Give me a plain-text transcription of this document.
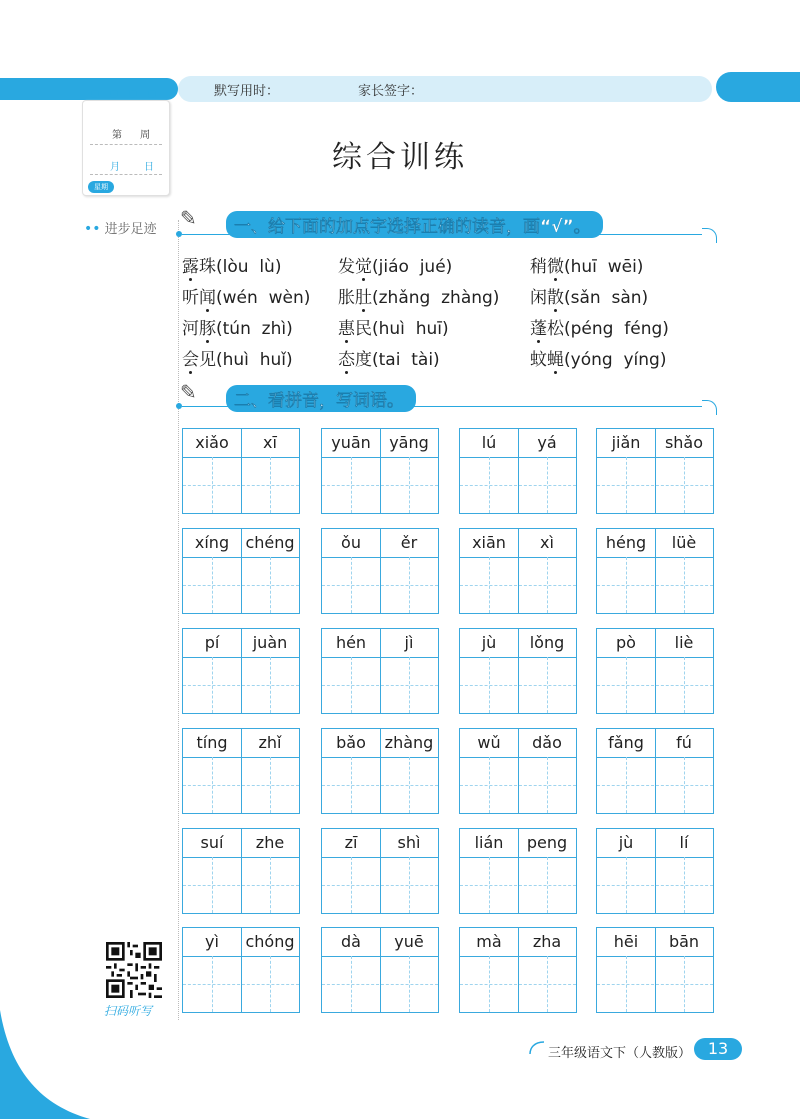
默写用时：	家长签字：
第 周
月 日
星期
•• 进步足迹
综合训练
✎	一、给下面的加点字选择正确的读音，画“√”。
露珠(lòu  lù)	发觉(jiáo  jué)	稍微(huī  wēi)
听闻(wén  wèn) 胀肚(zhǎng  zhàng) 闲散(sǎn  sàn)
河豚(tún  zhì)	惠民(huì  huī)	蓬松(péng  féng)
会见(huì  huǐ)	态度(tai  tài)	蚊蝇(yóng  yíng)
✎	二、看拼音，写词语。
xiǎo	xī	yuān	yāng	lú	yá	jiǎn	shǎo
xíng	chéng	ǒu	ěr	xiān	xì	héng	lüè
pí	juàn	hén	jì	jù	lǒng	pò	liè
tíng	zhǐ	bǎo	zhàng	wǔ	dǎo	fǎng	fú
suí	zhe	zī	shì	lián	peng	jù	lí
yì	chóng	dà	yuē	mà	zha	hēi	bān
扫码听写
三年级语文下（人教版）	13
